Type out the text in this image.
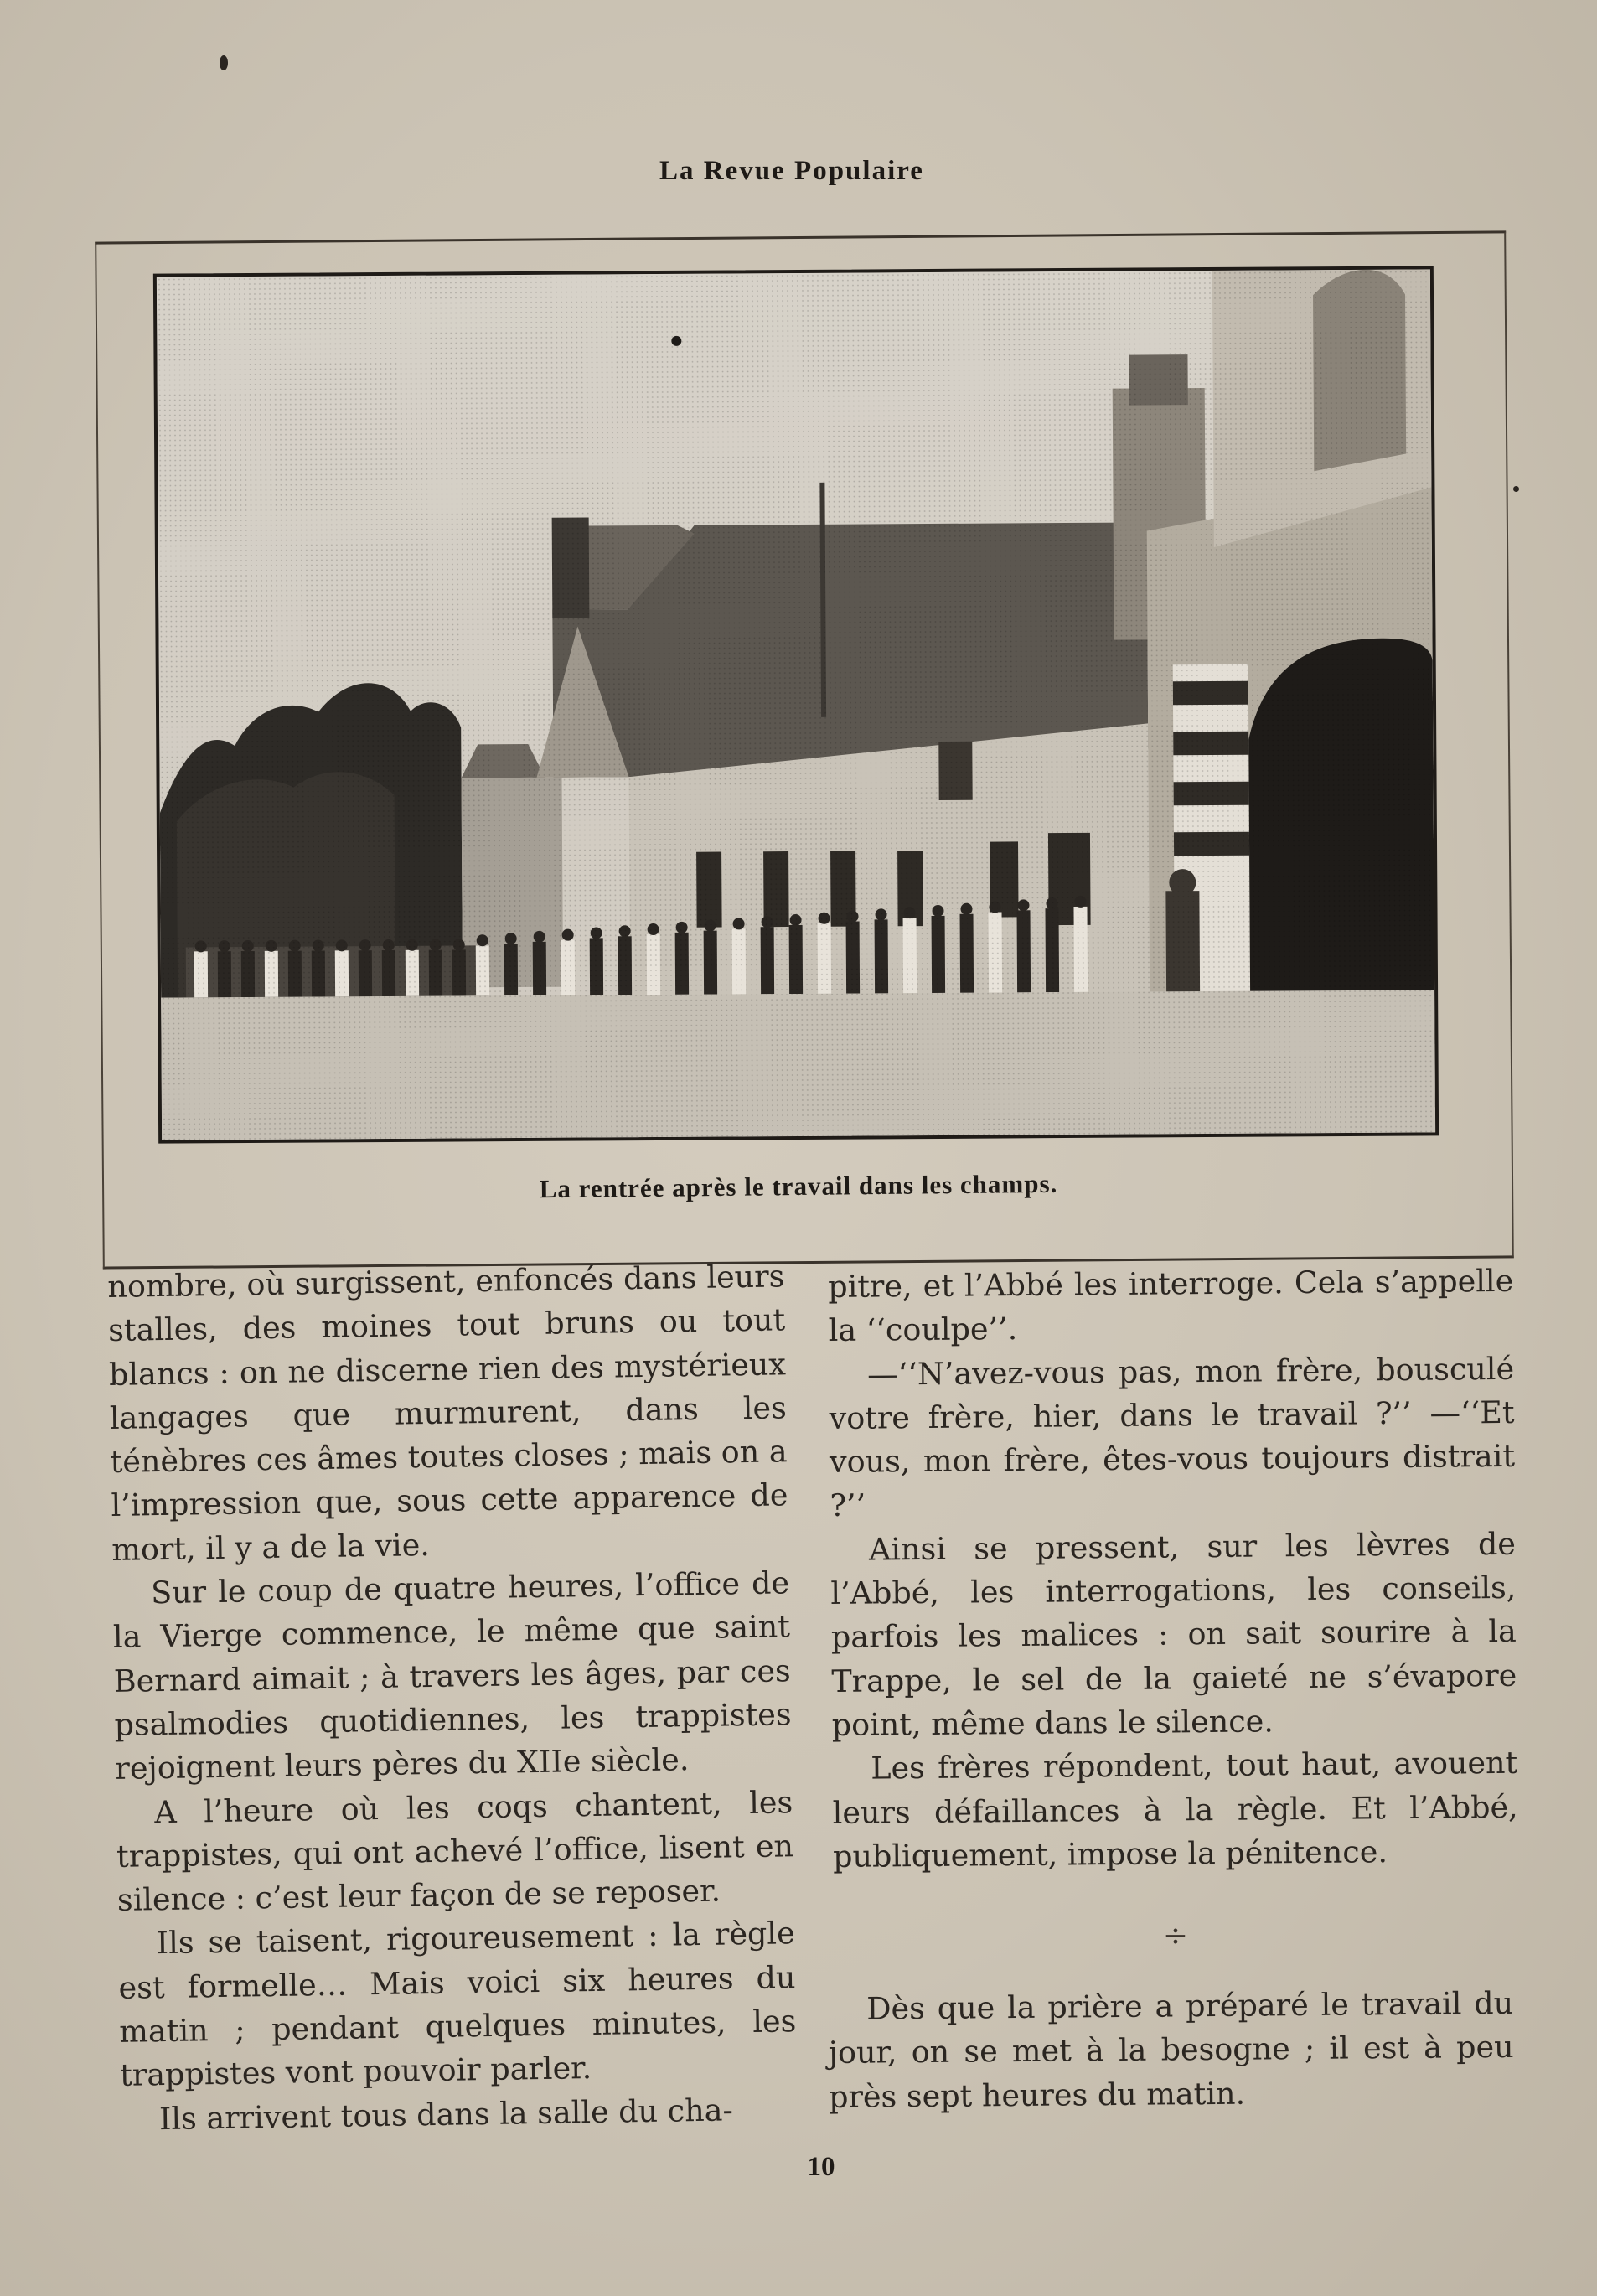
La Revue Populaire
La rentrée après le travail dans les champs.

nombre, où surgissent, enfoncés dans leurs stalles, des moines tout bruns ou tout blancs : on ne discerne rien des mystérieux langages que murmurent, dans les ténèbres ces âmes toutes closes ; mais on a l’impression que, sous cette apparence de mort, il y a de la vie.

Sur le coup de quatre heures, l’office de la Vierge commence, le même que saint Bernard aimait ; à travers les âges, par ces psalmodies quotidiennes, les trappistes rejoignent leurs pères du XIIe siècle.

A l’heure où les coqs chantent, les trappistes, qui ont achevé l’office, lisent en silence : c’est leur façon de se reposer.

Ils se taisent, rigoureusement : la règle est formelle… Mais voici six heures du matin ; pendant quelques minutes, les trappistes vont pouvoir parler.

Ils arrivent tous dans la salle du cha-

pitre, et l’Abbé les interroge. Cela s’appelle la ‘‘coulpe’’.

—‘‘N’avez-vous pas, mon frère, bousculé votre frère, hier, dans le travail ?’’ —‘‘Et vous, mon frère, êtes-vous toujours distrait ?’’

Ainsi se pressent, sur les lèvres de l’Abbé, les interrogations, les conseils, parfois les malices : on sait sourire à la Trappe, le sel de la gaieté ne s’évapore point, même dans le silence.

Les frères répondent, tout haut, avouent leurs défaillances à la règle. Et l’Abbé, publiquement, impose la pénitence.

÷

Dès que la prière a préparé le travail du jour, on se met à la besogne ; il est à peu près sept heures du matin.

10
